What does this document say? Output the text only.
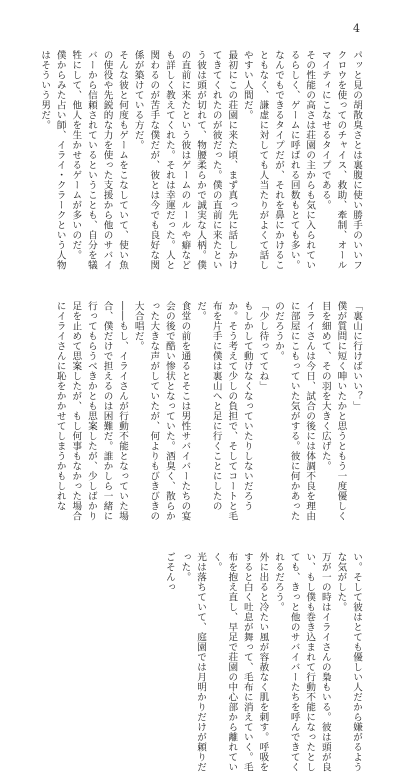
4

パッと見の胡散臭さとは裏腹に使い勝手のいいフクロウを使ってのチャイス、救助、牽制、オールマイティにこなせるタイプである。

その性能の高さは荘園の主からも気に入られているらしく、ゲームに呼ばれる回数もとても多い。

なんでもできるタイプだが、それを鼻にかけることもなく、謙虚に対しても人当たりがよくて話しやすい人間だ。

最初にこの荘園に来た頃、まず真っ先に話しかけてきてくれたのが彼だった。僕の直前に来たという彼は頭が切れて、物腰柔らかで誠実な人柄。僕の直前に来たという彼はゲームのルールや癖なども詳しく教えてくれた。それは幸運だった。人と関わるのが苦手な僕だが、彼とは今でも良好な関係が築けている方だ。

そんな彼と何度もゲームをこなしていて、使い魚の使役や先鋭的な力を使った支援から他のサバイバーから信頼されているということも、自分を犠牲にして、他人を生かせるゲームが多いのだ。

僕からみた占い師、イライ・クラークという人物はそういう男だ。

「裏山に行けばいい？」

僕が質問に短く呻いたかと思うともう一度優しく目を細めて、その羽を大きく広げた。

イライさんは今日、試合の後には体調不良を理由に部屋にこもっていた気がする。彼に何かあったのだろうか。

「少し待っててね」

もしかして動けなくなっていたりしないだろうか。そう考えて少しの負担で、そしてコートと毛布を片手に僕は裏山へと足に行くことにしたのだ。

食堂の前を通るとそこは男性サバイバーたちの宴会の後で酷い惨状となっていた。酒臭く、散らかった大きな声がしていたが、何よりもびきびきの大合唱だ。

――もし、イライさんが行動不能となっていた場合、僕だけで担えるのは困難だ。誰かしら一緒に行ってもらうべきかとも思案したが、少しばかり足を止めて思案したが、もし何事もなかった場合にイライさんに恥をかかせてしまうかもしれない。そして彼はとても優しい人だから嫌がるような気がした。

万が一の時はイライさんの梟もいる。彼は頭が良い、もし僕も巻き込まれて行動不能になったとしても、きっと他のサバイバーたちを呼んできてくれるだろう。

外に出ると冷たい風が容赦なく肌を刺す。呼吸をすると白く吐息が舞って、毛布に消えていく。毛布を抱え直し、早足で荘園の中心部から離れていく。

光は落ちていて、庭園では月明かりだけが頼りだった。

ごそんっ
